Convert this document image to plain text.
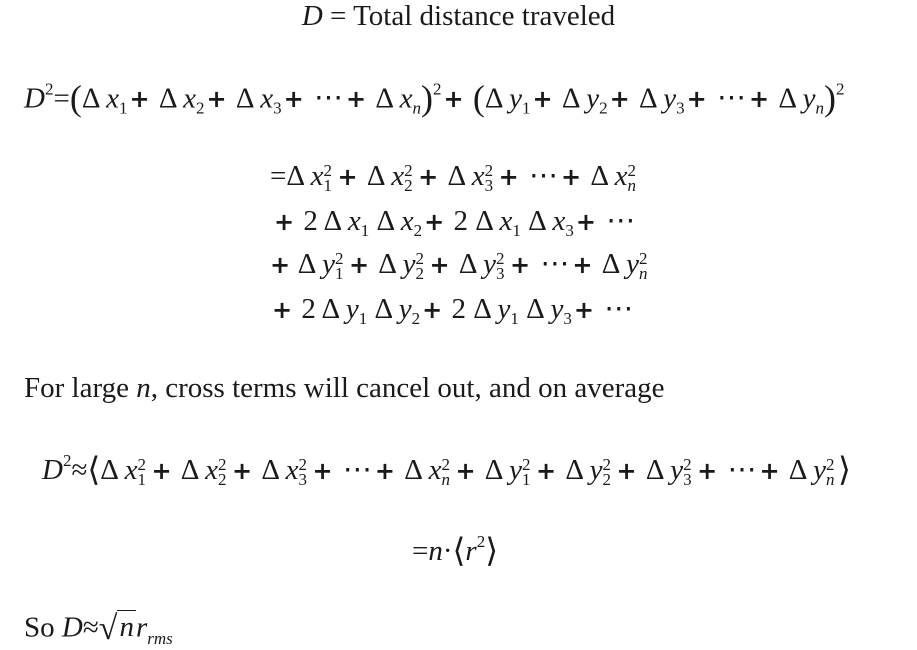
D = Total distance traveled
$D^2=(\Delta$ $x_1+ \Delta$ $x_2+ \Delta$ $x_3+$ ⋯ + Δ $x_n)^2+ (\Delta$ $y_1+ \Delta$ $y_2+ \Delta$ $y_3+$ ⋯ + Δ $y_n)^2$
=Δ x 2
1 + Δ x 2
2 + Δ x 2
3 + ⋯ + Δ x 2
n
+ 2 Δ $x_1$ Δ $x_2+ 2$ Δ $x_1$ Δ $x_3+$ ⋯
+ Δ y 2
1 + Δ y 2
2 + Δ y 2
3 + ⋯ + Δ y 2
n
+ 2 Δ $y_1$ Δ $y_2+ 2$ Δ $y_1$ Δ $y_3+$ ⋯
For large n, cross terms will cancel out, and on average
$D^2\approx⟨\Delta$ x 2
1 + Δ x 2
2 + Δ x 2
3 + ⋯ + Δ x 2
n + Δ y 2
1 + Δ y 2
2 + Δ y 2
3 + ⋯ + Δ y 2
n ⟩
$=n\cdot⟨r^2⟩$
So $D\approx√nr_{rms}$
